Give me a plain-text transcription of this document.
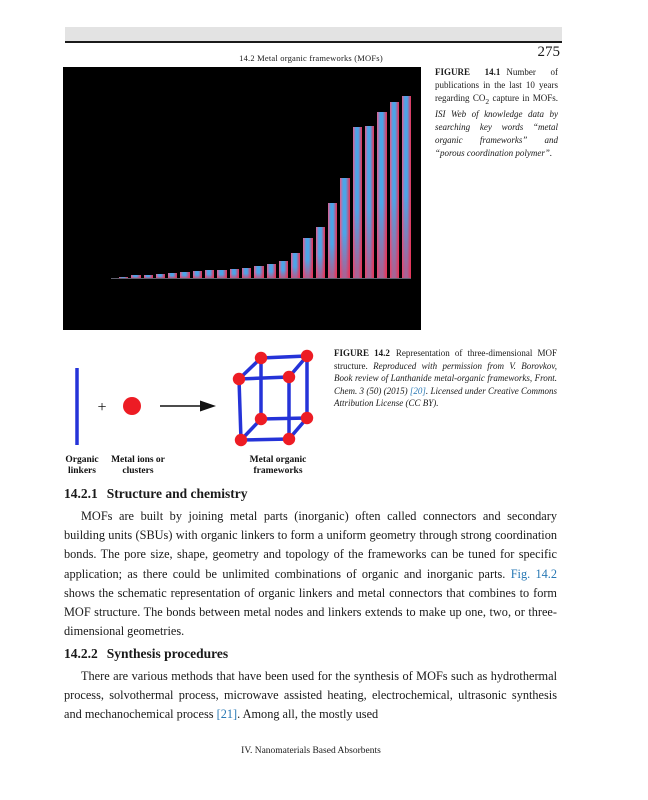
14.2 Metal organic frameworks (MOFs)	275
FIGURE 14.1 Number of publications in the last 10 years regarding $CO_2$ capture in MOFs. ISI Web of knowledge data by searching key words “metal organic frameworks” and “porous coordination polymer”.
+
Organic
linkers
Metal ions or
clusters
Metal organic
frameworks
FIGURE 14.2 Representation of three-dimensional MOF structure. Reproduced with permission from V. Borovkov, Book review of Lanthanide metal-organic frameworks, Front. Chem. 3 (50) (2015) [20]. Licensed under Creative Commons Attribution License (CC BY).
14.2.1 Structure and chemistry
MOFs are built by joining metal parts (inorganic) often called connectors and secondary building units (SBUs) with organic linkers to form a uniform geometry through strong coordination bonds. The pore size, shape, geometry and topology of the frameworks can be tuned for specific application; as there could be unlimited combinations of organic and inorganic parts. Fig. 14.2 shows the schematic representation of organic linkers and metal connectors that combines to form MOF structure. The bonds between metal nodes and linkers extends to make up one, two, or three-dimensional geometries.
14.2.2 Synthesis procedures
There are various methods that have been used for the synthesis of MOFs such as hydrothermal process, solvothermal process, microwave assisted heating, electrochemical, ultrasonic synthesis and mechanochemical process [21]. Among all, the mostly used
IV. Nanomaterials Based Absorbents
